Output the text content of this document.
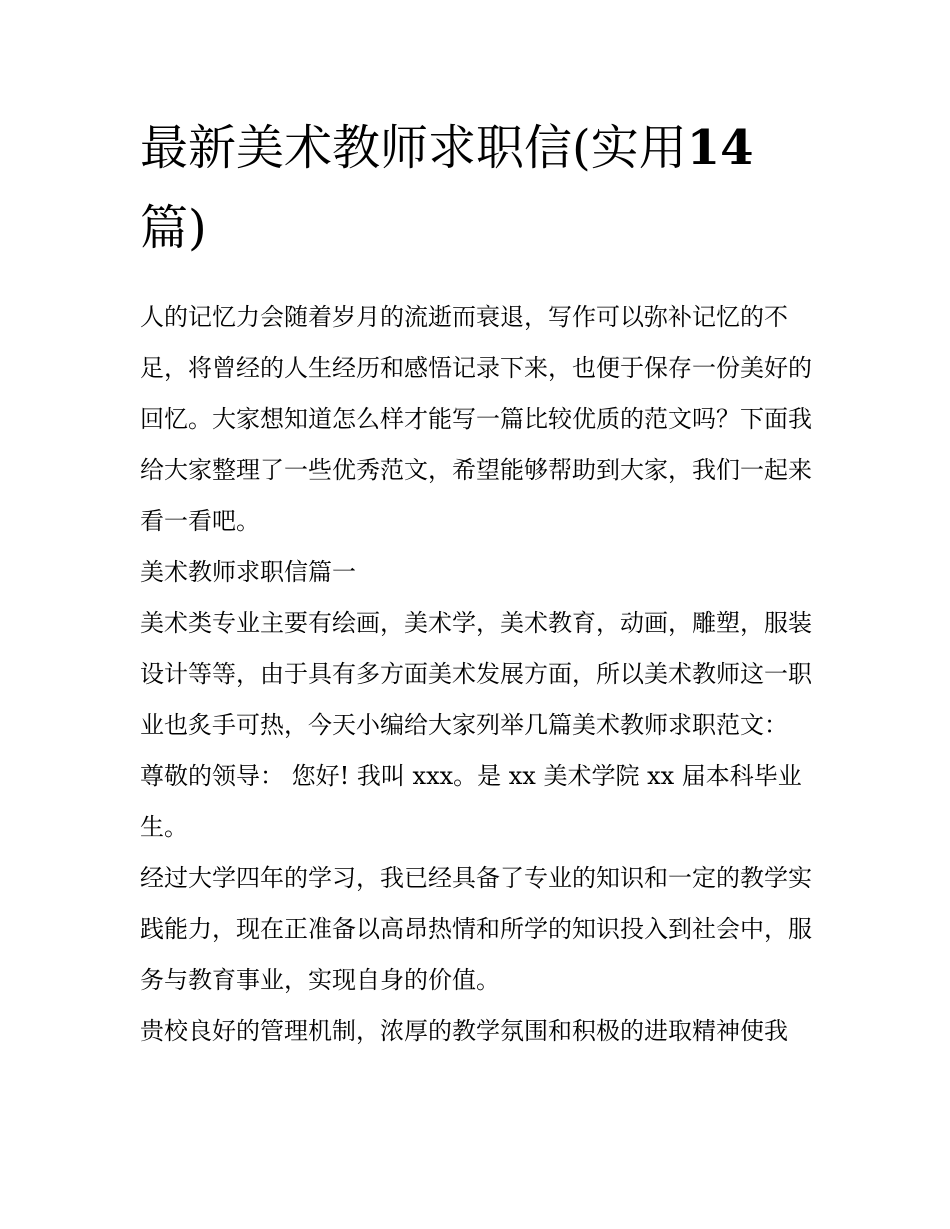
最新美术教师求职信(实用14篇)

人的记忆力会随着岁月的流逝而衰退，写作可以弥补记忆的不足，将曾经的人生经历和感悟记录下来，也便于保存一份美好的回忆。大家想知道怎么样才能写一篇比较优质的范文吗？下面我给大家整理了一些优秀范文，希望能够帮助到大家，我们一起来看一看吧。

美术教师求职信篇一

美术类专业主要有绘画，美术学，美术教育，动画，雕塑，服装设计等等，由于具有多方面美术发展方面，所以美术教师这一职业也炙手可热，今天小编给大家列举几篇美术教师求职范文：

尊敬的领导： 您好! 我叫 xxx。是 xx 美术学院 xx 届本科毕业生。

经过大学四年的学习，我已经具备了专业的知识和一定的教学实践能力，现在正准备以高昂热情和所学的知识投入到社会中，服务与教育事业，实现自身的价值。

贵校良好的管理机制，浓厚的教学氛围和积极的进取精神使我
